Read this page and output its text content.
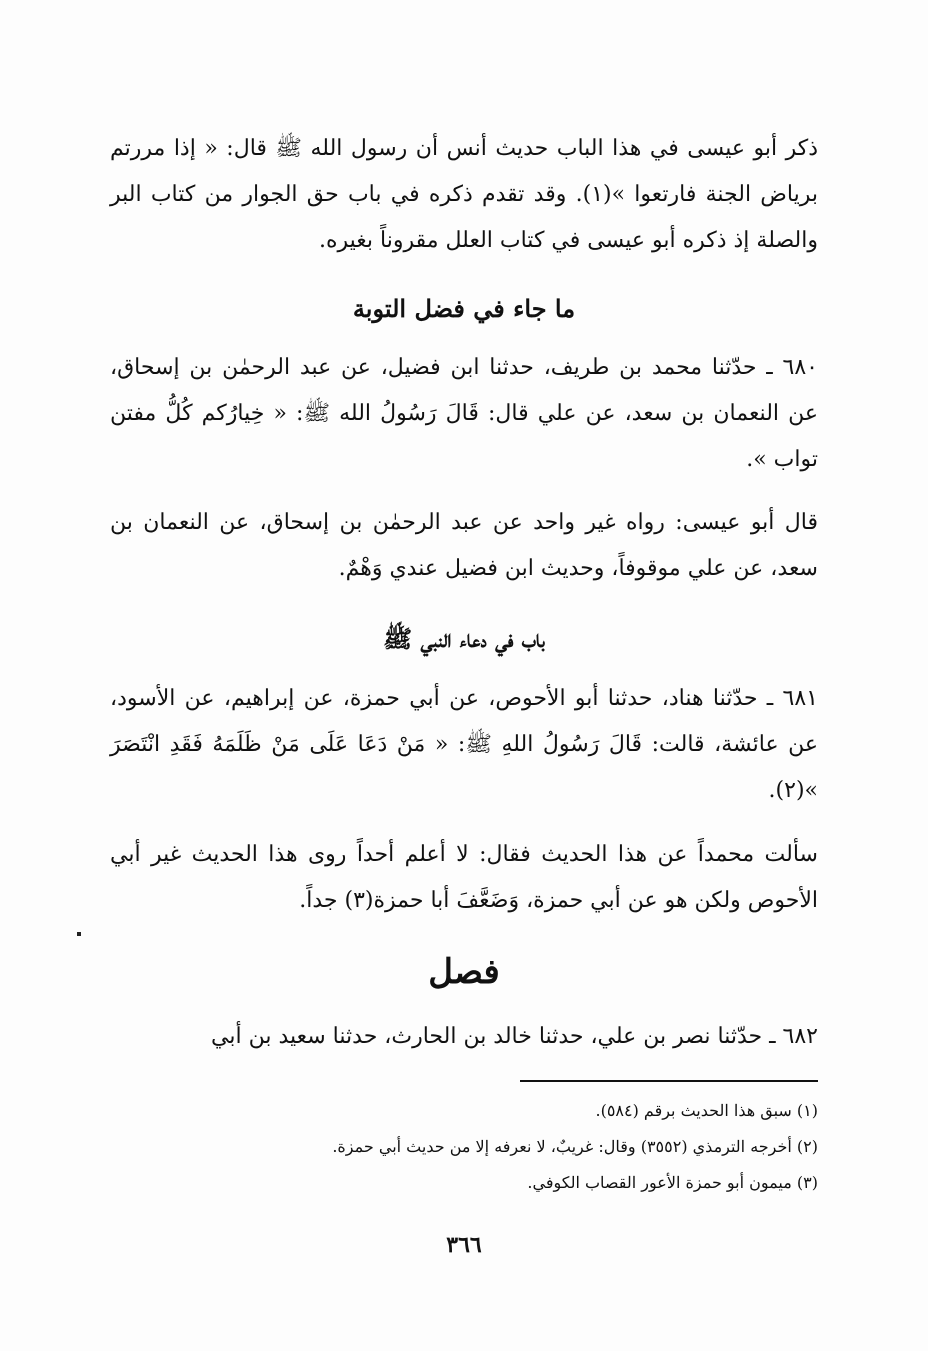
ذكر أبو عيسى في هذا الباب حديث أنس أن رسول الله ﷺ قال: « إذا مررتم برياض الجنة فارتعوا »(١). وقد تقدم ذكره في باب حق الجوار من كتاب البر والصلة إذ ذكره أبو عيسى في كتاب العلل مقروناً بغيره.

ما جاء في فضل التوبة

٦٨٠ ـ حدّثنا محمد بن طريف، حدثنا ابن فضيل، عن عبد الرحمٰن بن إسحاق، عن النعمان بن سعد، عن علي قال: قَالَ رَسُولُ الله ﷺ: « خِيارُكم كُلُّ مفتن تواب ».

قال أبو عيسى: رواه غير واحد عن عبد الرحمٰن بن إسحاق، عن النعمان بن سعد، عن علي موقوفاً، وحديث ابن فضيل عندي وَهْمٌ.

باب في دعاء النبي ﷺ

٦٨١ ـ حدّثنا هناد، حدثنا أبو الأحوص، عن أبي حمزة، عن إبراهيم، عن الأسود، عن عائشة، قالت: قَالَ رَسُولُ اللهِ ﷺ: « مَنْ دَعَا عَلَى مَنْ ظَلَمَهُ فَقَدِ انْتَصَرَ »(٢).

سألت محمداً عن هذا الحديث فقال: لا أعلم أحداً روى هذا الحديث غير أبي الأحوص ولكن هو عن أبي حمزة، وَضَعَّفَ أبا حمزة(٣) جداً.

فصل

٦٨٢ ـ حدّثنا نصر بن علي، حدثنا خالد بن الحارث، حدثنا سعيد بن أبي

(١) سبق هذا الحديث برقم (٥٨٤).
(٢) أخرجه الترمذي (٣٥٥٢) وقال: غريبٌ، لا نعرفه إلا من حديث أبي حمزة.
(٣) ميمون أبو حمزة الأعور القصاب الكوفي.
٣٦٦
